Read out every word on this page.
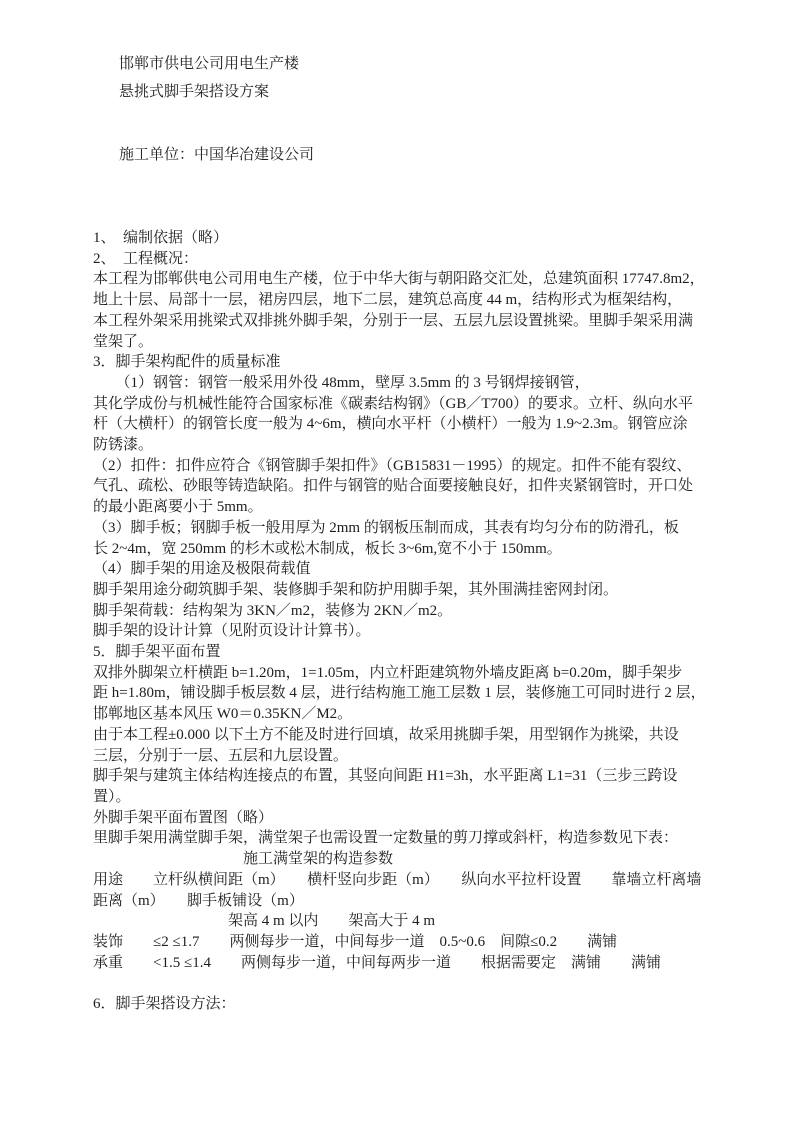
邯郸市供电公司用电生产楼
悬挑式脚手架搭设方案
施工单位：中国华冶建设公司
1、　编制依据（略）
2、　工程概况：
本工程为邯郸供电公司用电生产楼，位于中华大街与朝阳路交汇处，总建筑面积 17747.8m2，
地上十层、局部十一层，裙房四层，地下二层，建筑总高度 44 m，结构形式为框架结构，
本工程外架采用挑梁式双排挑外脚手架，分别于一层、五层九层设置挑梁。里脚手架采用满
堂架了。
3．脚手架构配件的质量标准
　　（1）钢管：钢管一般采用外役 48mm，壁厚 3.5mm 的 3 号钢焊接钢管，
其化学成份与机械性能符合国家标准《碳素结构钢》（GB／T700）的要求。立杆、纵向水平
杆（大横杆）的钢管长度一般为 4~6m，横向水平杆（小横杆）一般为 1.9~2.3m。钢管应涂
防锈漆。
（2）扣件：扣件应符合《钢管脚手架扣件》（GB15831－1995）的规定。扣件不能有裂纹、
气孔、疏松、砂眼等铸造缺陷。扣件与钢管的贴合面要接触良好，扣件夹紧钢管时，开口处
的最小距离要小于 5mm。
（3）脚手板；钢脚手板一般用厚为 2mm 的钢板压制而成，其表有均匀分布的防滑孔，板
长 2~4m，宽 250mm 的杉木或松木制成，板长 3~6m,宽不小于 150mm。
（4）脚手架的用途及极限荷载值
脚手架用途分砌筑脚手架、装修脚手架和防护用脚手架，其外围满挂密网封闭。
脚手架荷载：结构架为 3KN／m2，装修为 2KN／m2。
脚手架的设计计算（见附页设计计算书）。
5．脚手架平面布置
双排外脚架立杆横距 b=1.20m，1=1.05m，内立杆距建筑物外墙皮距离 b=0.20m，脚手架步
距 h=1.80m，铺设脚手板层数 4 层，进行结构施工施工层数 1 层，装修施工可同时进行 2 层，
邯郸地区基本风压 W0＝0.35KN／M2。
由于本工程±0.000 以下土方不能及时进行回填，故采用挑脚手架，用型钢作为挑梁，共设
三层，分别于一层、五层和九层设置。
脚手架与建筑主体结构连接点的布置，其竖向间距 H1=3h，水平距离 L1=31（三步三跨设
置）。
外脚手架平面布置图（略）
里脚手架用满堂脚手架，满堂架子也需设置一定数量的剪刀撑或斜杆，构造参数见下表：
　　　　　　　　　　施工满堂架的构造参数
用途　　立杆纵横间距（m）　　横杆竖向步距（m）　　纵向水平拉杆设置　　靠墙立杆离墙
距离（m）　　脚手板铺设（m）
　　　　　　　　　架高 4 m 以内　　架高大于 4 m
装饰　　≤2 ≤1.7　　两侧每步一道，中间每步一道　0.5~0.6　间隙≤0.2　　满铺
承重　　<1.5 ≤1.4　　两侧每步一道，中间每两步一道　　根据需要定　满铺　　满铺
6．脚手架搭设方法：
